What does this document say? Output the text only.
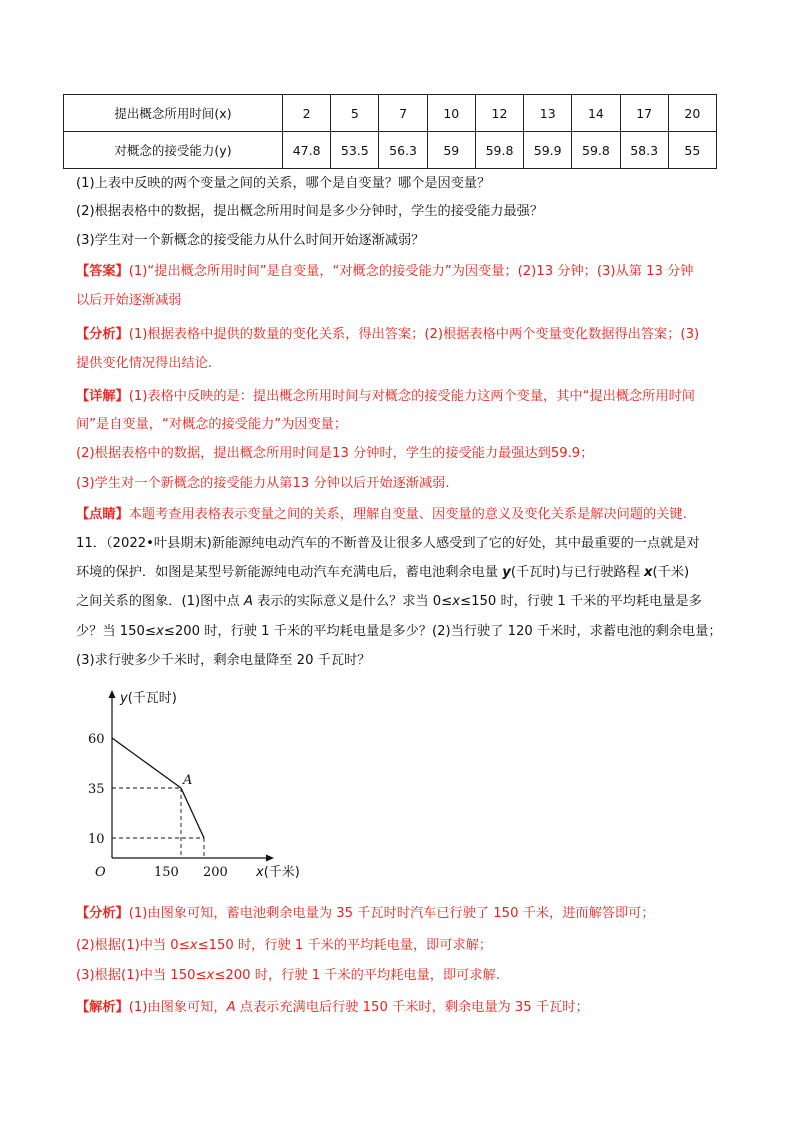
提出概念所用时间(x)	2	5	7	10	12	13	14	17	20
对概念的接受能力(y)	47.8	53.5	56.3	59	59.8	59.9	59.8	58.3	55
(1)上表中反映的两个变量之间的关系，哪个是自变量？哪个是因变量？
(2)根据表格中的数据，提出概念所用时间是多少分钟时，学生的接受能力最强？
(3)学生对一个新概念的接受能力从什么时间开始逐渐减弱？
【答案】(1)“提出概念所用时间”是自变量，“对概念的接受能力”为因变量；(2)13 分钟；(3)从第 13 分钟
以后开始逐渐减弱
【分析】(1)根据表格中提供的数量的变化关系，得出答案；(2)根据表格中两个变量变化数据得出答案；(3)
提供变化情况得出结论.
【详解】(1)表格中反映的是：提出概念所用时间与对概念的接受能力这两个变量，其中“提出概念所用时间
间”是自变量，“对概念的接受能力”为因变量；
(2)根据表格中的数据，提出概念所用时间是13 分钟时，学生的接受能力最强达到59.9；
(3)学生对一个新概念的接受能力从第13 分钟以后开始逐渐减弱.
【点睛】本题考查用表格表示变量之间的关系，理解自变量、因变量的意义及变化关系是解决问题的关键.
11．（2022•叶县期末)新能源纯电动汽车的不断普及让很多人感受到了它的好处，其中最重要的一点就是对
环境的保护．如图是某型号新能源纯电动汽车充满电后，蓄电池剩余电量 y(千瓦时)与已行驶路程 x(千米)
之间关系的图象．(1)图中点 A 表示的实际意义是什么？求当 0≤x≤150 时，行驶 1 千米的平均耗电量是多
少？当 150≤x≤200 时，行驶 1 千米的平均耗电量是多少？(2)当行驶了 120 千米时，求蓄电池的剩余电量；
(3)求行驶多少千米时，剩余电量降至 20 千瓦时？
60
35
10
150 200
O
A
y(千瓦时)
x(千米)
【分析】(1)由图象可知，蓄电池剩余电量为 35 千瓦时时汽车已行驶了 150 千米，进而解答即可；
(2)根据(1)中当 0≤x≤150 时，行驶 1 千米的平均耗电量，即可求解；
(3)根据(1)中当 150≤x≤200 时，行驶 1 千米的平均耗电量，即可求解.
【解析】(1)由图象可知，A 点表示充满电后行驶 150 千米时，剩余电量为 35 千瓦时；
